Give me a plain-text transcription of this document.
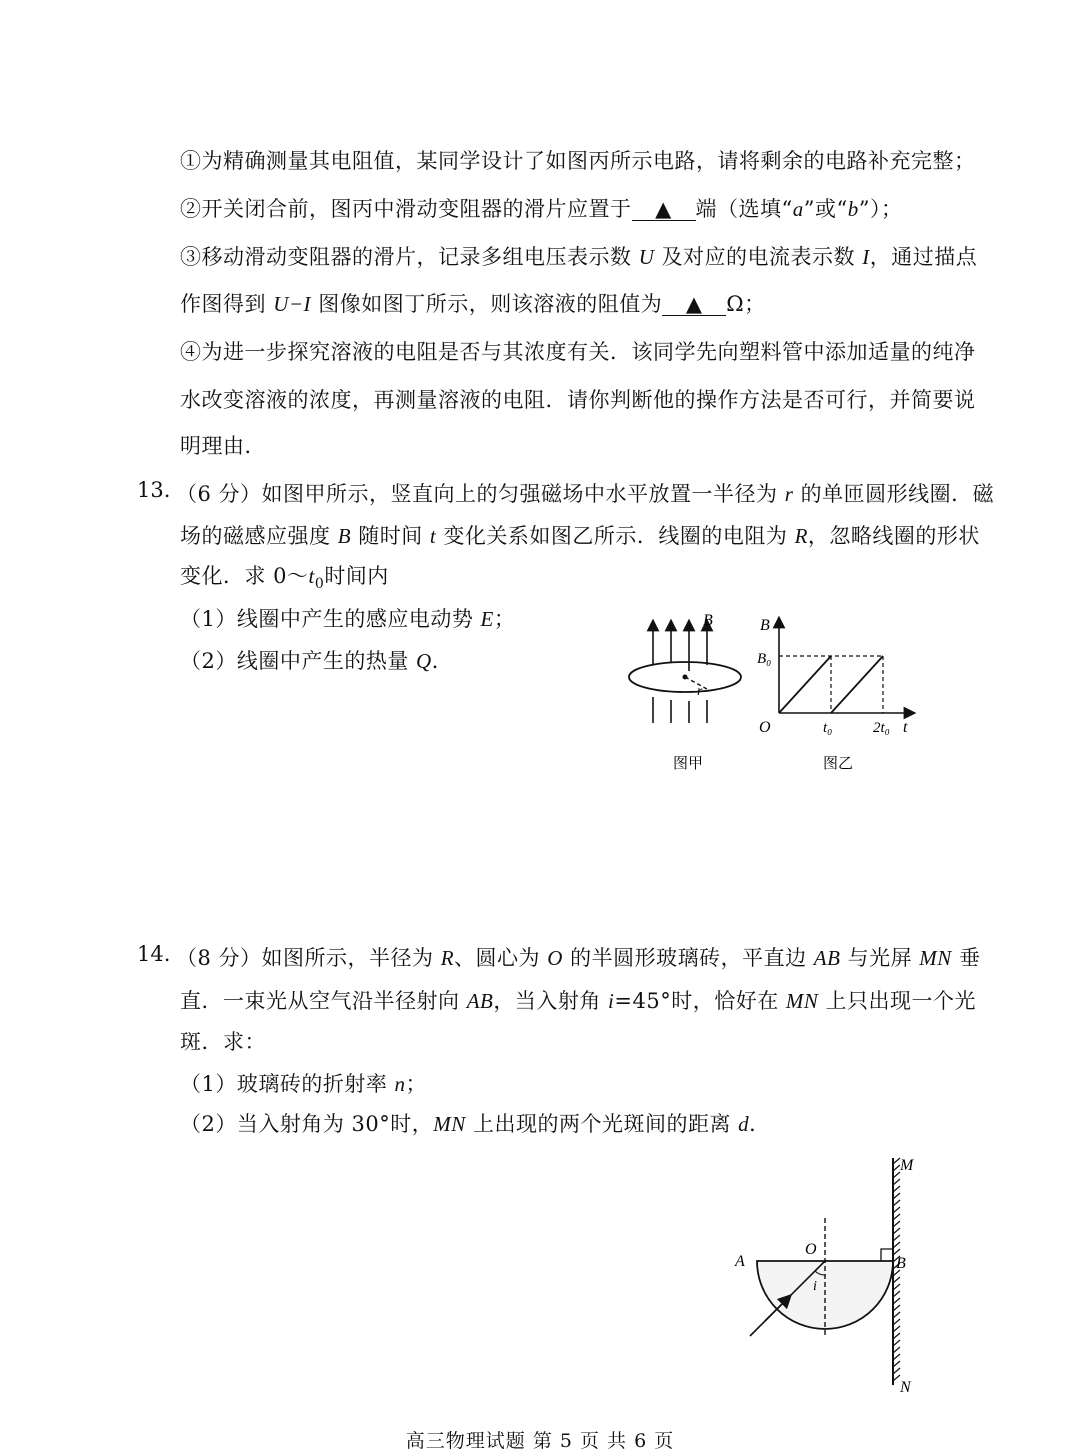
①为精确测量其电阻值，某同学设计了如图丙所示电路，请将剩余的电路补充完整；
②开关闭合前，图丙中滑动变阻器的滑片应置于 ▲ 端（选填“a”或“b”）；
③移动滑动变阻器的滑片，记录多组电压表示数 U 及对应的电流表示数 I，通过描点
作图得到 U−I 图像如图丁所示，则该溶液的阻值为 ▲ Ω；
④为进一步探究溶液的电阻是否与其浓度有关．该同学先向塑料管中添加适量的纯净
水改变溶液的浓度，再测量溶液的电阻．请你判断他的操作方法是否可行，并简要说
明理由．
13. （6 分）如图甲所示，竖直向上的匀强磁场中水平放置一半径为 r 的单匝圆形线圈．磁
场的磁感应强度 B 随时间 t 变化关系如图乙所示．线圈的电阻为 R，忽略线圈的形状
变化．求 $0\sim t_0$时间内
（1）线圈中产生的感应电动势 E；
（2）线圈中产生的热量 Q．
B
r
图甲
B
B₀
O	t₀	2t₀ t
图乙
14. （8 分）如图所示，半径为 R、圆心为 O 的半圆形玻璃砖，平直边 AB 与光屏 MN 垂
直．一束光从空气沿半径射向 AB，当入射角 i=45°时，恰好在 MN 上只出现一个光
斑．求：
（1）玻璃砖的折射率 n；
（2）当入射角为 30°时，MN 上出现的两个光斑间的距离 d．
M
N
A	B
O
i
高三物理试题 第 5 页 共 6 页
